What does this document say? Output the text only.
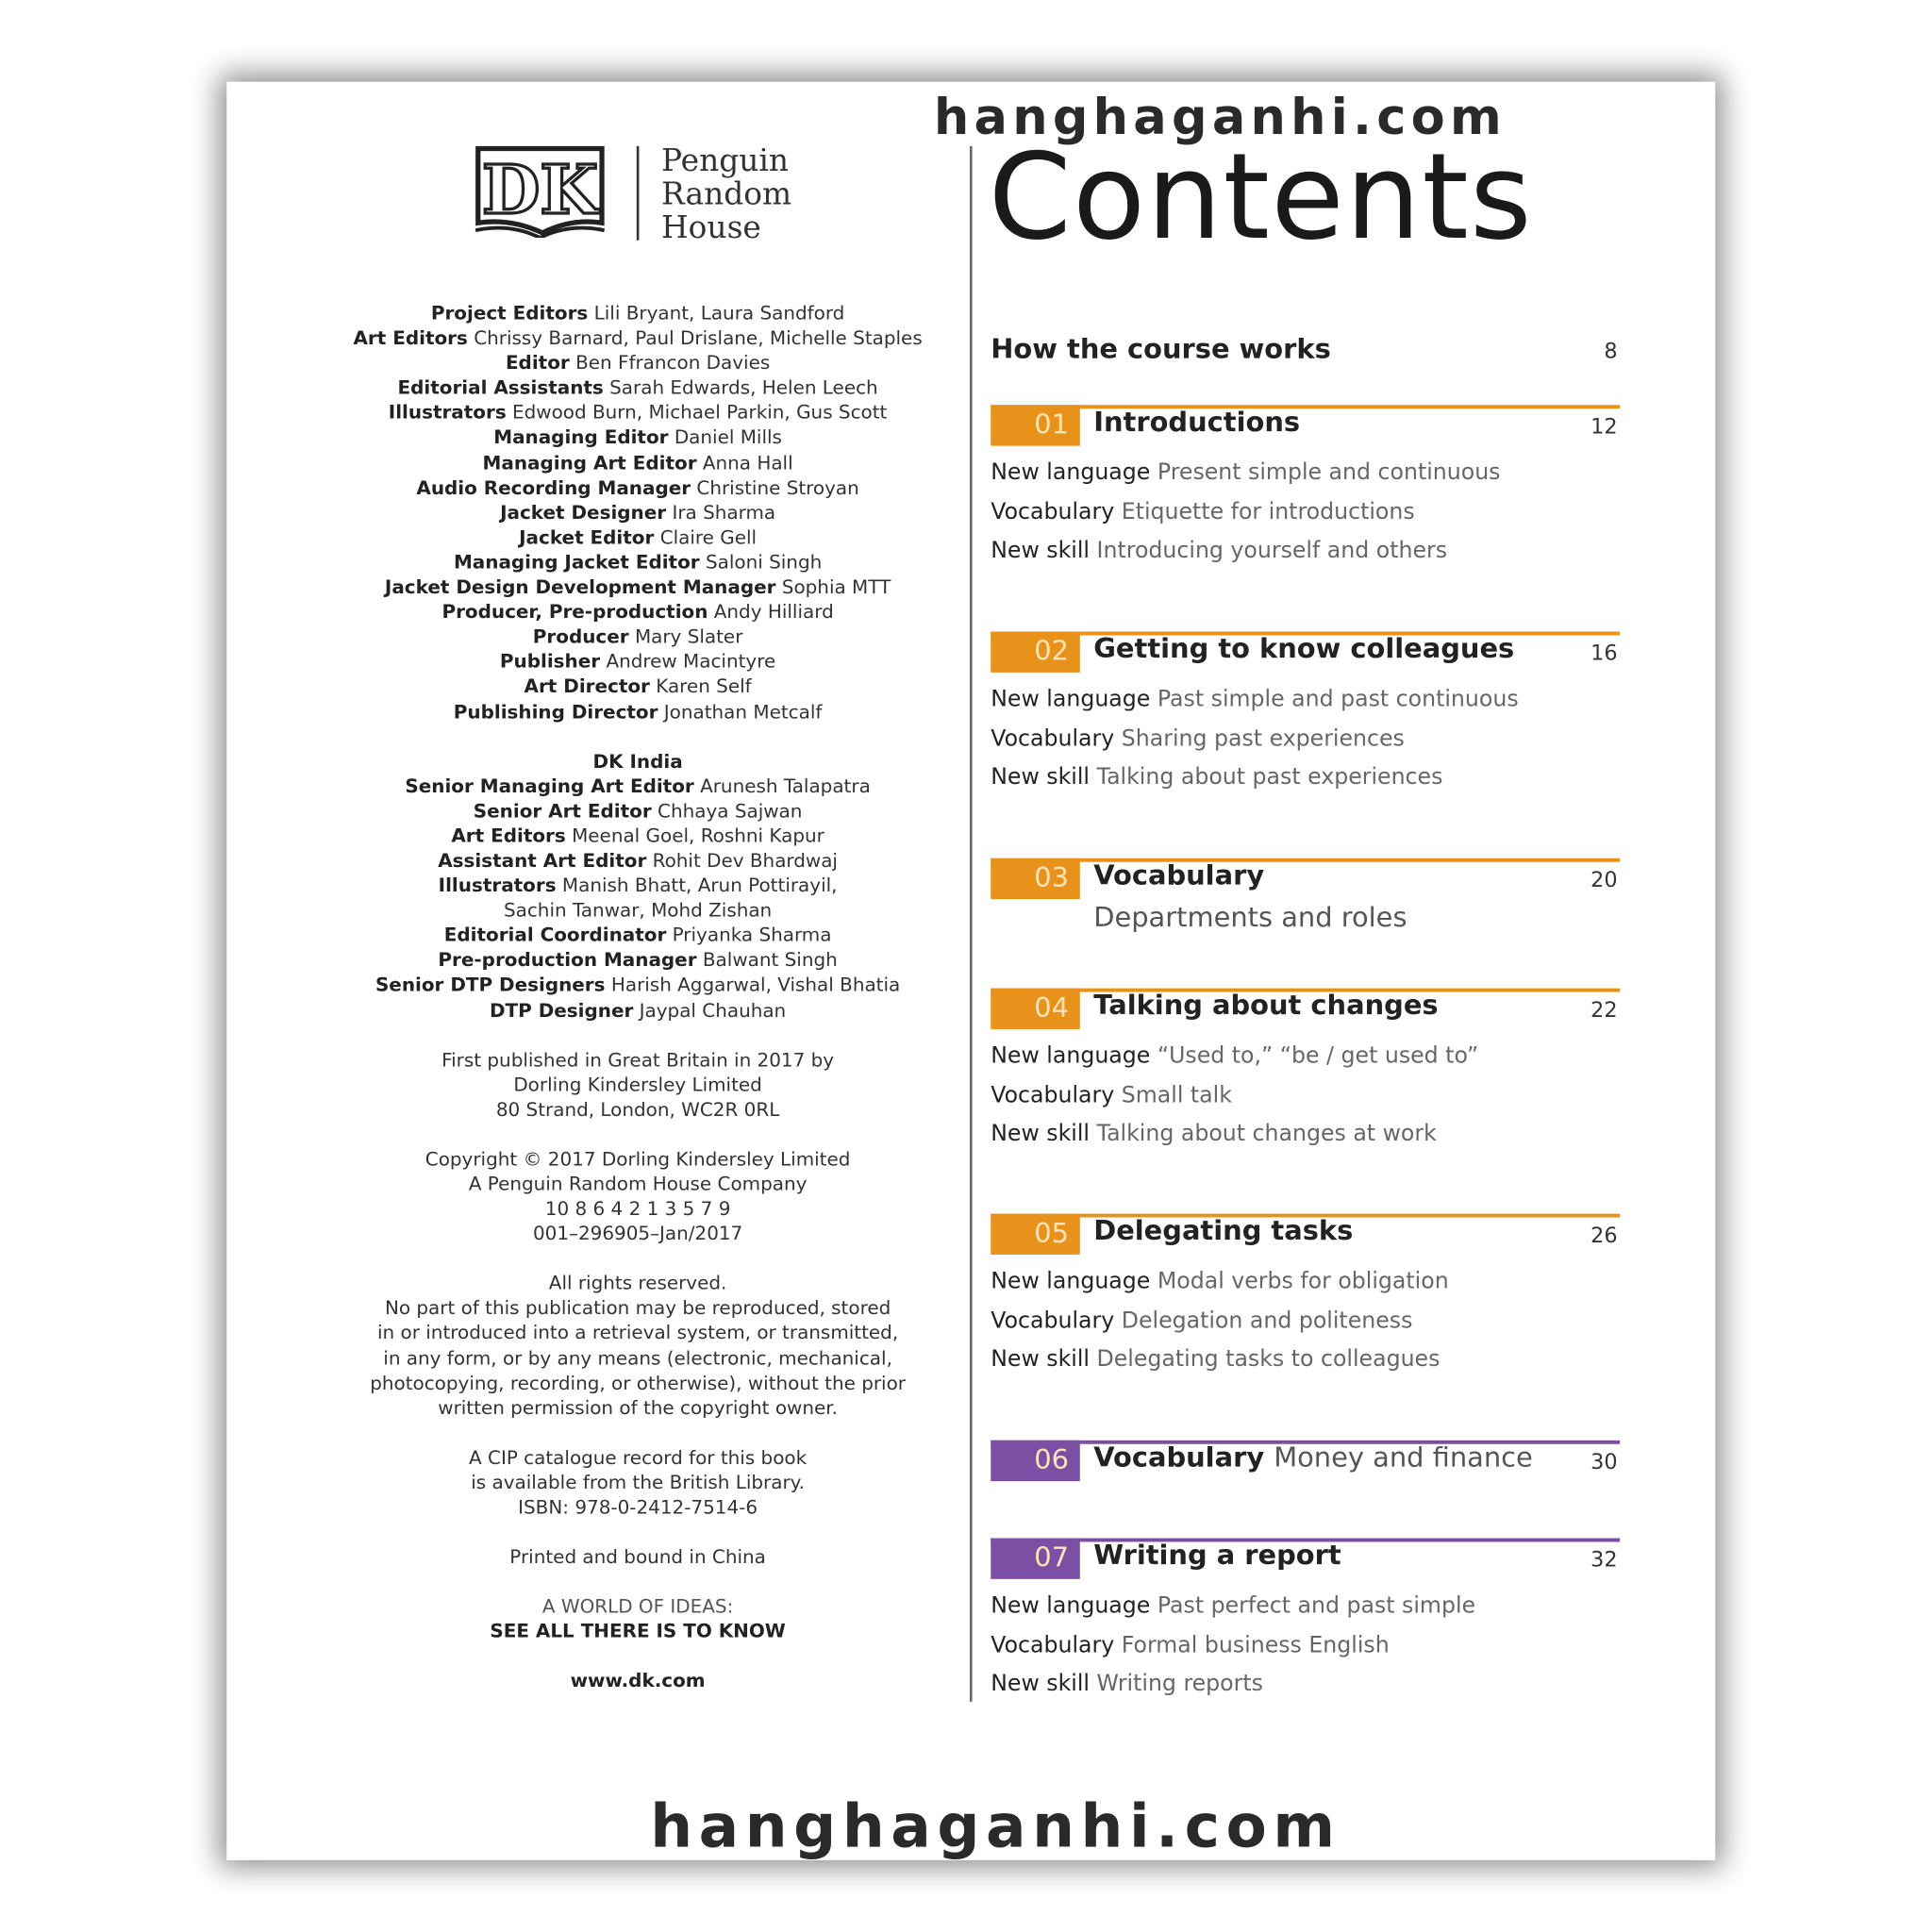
DK	Penguin
Random
House
Project Editors Lili Bryant, Laura Sandford
Art Editors Chrissy Barnard, Paul Drislane, Michelle Staples
Editor Ben Ffrancon Davies
Editorial Assistants Sarah Edwards, Helen Leech
Illustrators Edwood Burn, Michael Parkin, Gus Scott
Managing Editor Daniel Mills
Managing Art Editor Anna Hall
Audio Recording Manager Christine Stroyan
Jacket Designer Ira Sharma
Jacket Editor Claire Gell
Managing Jacket Editor Saloni Singh
Jacket Design Development Manager Sophia MTT
Producer, Pre-production Andy Hilliard
Producer Mary Slater
Publisher Andrew Macintyre
Art Director Karen Self
Publishing Director Jonathan Metcalf
DK India
Senior Managing Art Editor Arunesh Talapatra
Senior Art Editor Chhaya Sajwan
Art Editors Meenal Goel, Roshni Kapur
Assistant Art Editor Rohit Dev Bhardwaj
Illustrators Manish Bhatt, Arun Pottirayil,
Sachin Tanwar, Mohd Zishan
Editorial Coordinator Priyanka Sharma
Pre-production Manager Balwant Singh
Senior DTP Designers Harish Aggarwal, Vishal Bhatia
DTP Designer Jaypal Chauhan
First published in Great Britain in 2017 by
Dorling Kindersley Limited
80 Strand, London, WC2R 0RL
Copyright © 2017 Dorling Kindersley Limited
A Penguin Random House Company
10 8 6 4 2 1 3 5 7 9
001–296905–Jan/2017
All rights reserved.
No part of this publication may be reproduced, stored
in or introduced into a retrieval system, or transmitted,
in any form, or by any means (electronic, mechanical,
photocopying, recording, or otherwise), without the prior
written permission of the copyright owner.
A CIP catalogue record for this book
is available from the British Library.
ISBN: 978-0-2412-7514-6
Printed and bound in China
A WORLD OF IDEAS:
SEE ALL THERE IS TO KNOW
www.dk.com
Contents
How the course works	8
01	Introductions	12
New language Present simple and continuous
Vocabulary Etiquette for introductions
New skill Introducing yourself and others
02	Getting to know colleagues	16
New language Past simple and past continuous
Vocabulary Sharing past experiences
New skill Talking about past experiences
03	Vocabulary	20
Departments and roles
04	Talking about changes	22
New language “Used to,” “be / get used to”
Vocabulary Small talk
New skill Talking about changes at work
05	Delegating tasks	26
New language Modal verbs for obligation
Vocabulary Delegation and politeness
New skill Delegating tasks to colleagues
06	Vocabulary Money and finance	30
07	Writing a report	32
New language Past perfect and past simple
Vocabulary Formal business English
New skill Writing reports
hanghaganhi.com
hanghaganhi.com
